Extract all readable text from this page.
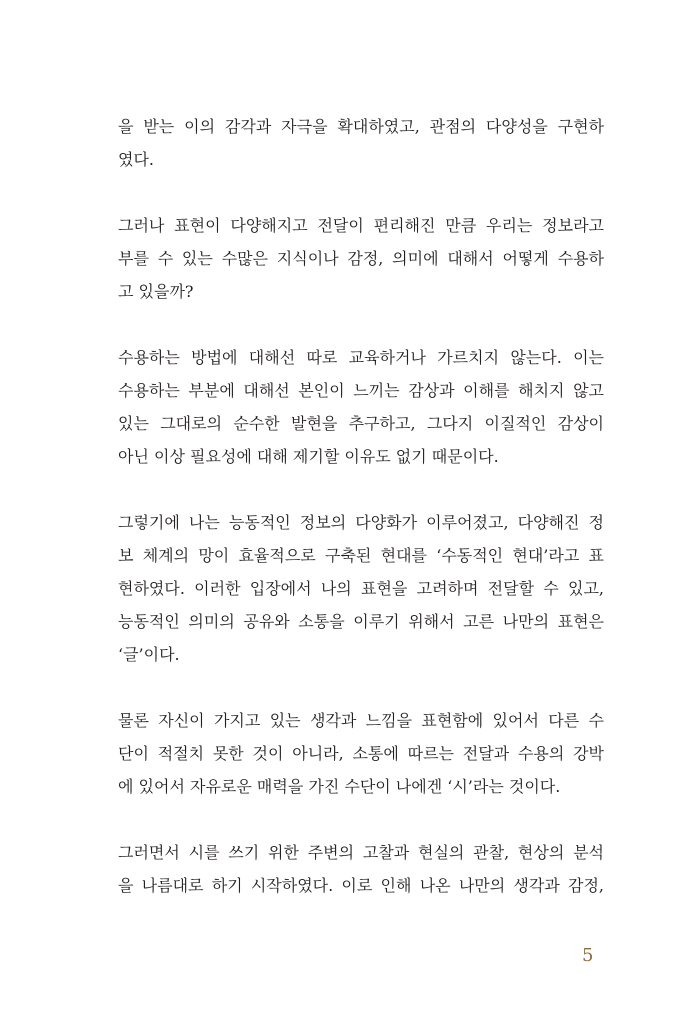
을 받는 이의 감각과 자극을 확대하였고, 관점의 다양성을 구현하
였다.

그러나 표현이 다양해지고 전달이 편리해진 만큼 우리는 정보라고
부를 수 있는 수많은 지식이나 감정, 의미에 대해서 어떻게 수용하
고 있을까?

수용하는 방법에 대해선 따로 교육하거나 가르치지 않는다. 이는
수용하는 부분에 대해선 본인이 느끼는 감상과 이해를 해치지 않고
있는 그대로의 순수한 발현을 추구하고, 그다지 이질적인 감상이
아닌 이상 필요성에 대해 제기할 이유도 없기 때문이다.

그렇기에 나는 능동적인 정보의 다양화가 이루어졌고, 다양해진 정
보 체계의 망이 효율적으로 구축된 현대를 ‘수동적인 현대’라고 표
현하였다. 이러한 입장에서 나의 표현을 고려하며 전달할 수 있고,
능동적인 의미의 공유와 소통을 이루기 위해서 고른 나만의 표현은
‘글’이다.

물론 자신이 가지고 있는 생각과 느낌을 표현함에 있어서 다른 수
단이 적절치 못한 것이 아니라, 소통에 따르는 전달과 수용의 강박
에 있어서 자유로운 매력을 가진 수단이 나에겐 ‘시’라는 것이다.

그러면서 시를 쓰기 위한 주변의 고찰과 현실의 관찰, 현상의 분석
을 나름대로 하기 시작하였다. 이로 인해 나온 나만의 생각과 감정,

5
